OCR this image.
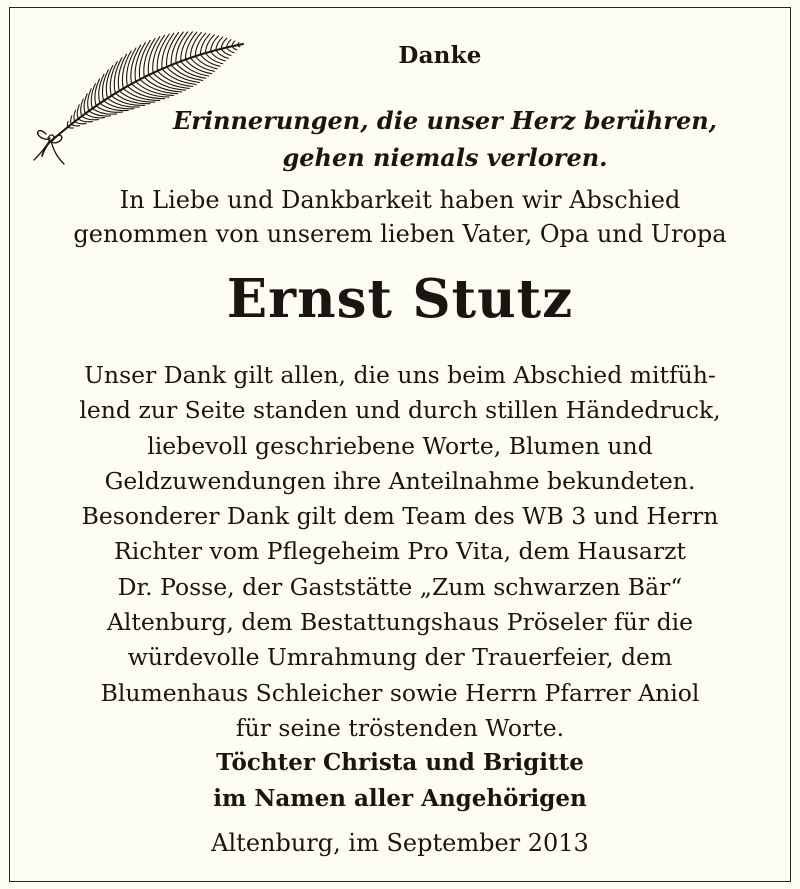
Danke
Erinnerungen, die unser Herz berühren,
gehen niemals verloren.
In Liebe und Dankbarkeit haben wir Abschied
genommen von unserem lieben Vater, Opa und Uropa
Ernst Stutz
Unser Dank gilt allen, die uns beim Abschied mitfüh-
lend zur Seite standen und durch stillen Händedruck,
liebevoll geschriebene Worte, Blumen und
Geldzuwendungen ihre Anteilnahme bekundeten.
Besonderer Dank gilt dem Team des WB 3 und Herrn
Richter vom Pflegeheim Pro Vita, dem Hausarzt
Dr. Posse, der Gaststätte „Zum schwarzen Bär“
Altenburg, dem Bestattungshaus Pröseler für die
würdevolle Umrahmung der Trauerfeier, dem
Blumenhaus Schleicher sowie Herrn Pfarrer Aniol
für seine tröstenden Worte.
Töchter Christa und Brigitte
im Namen aller Angehörigen
Altenburg, im September 2013
